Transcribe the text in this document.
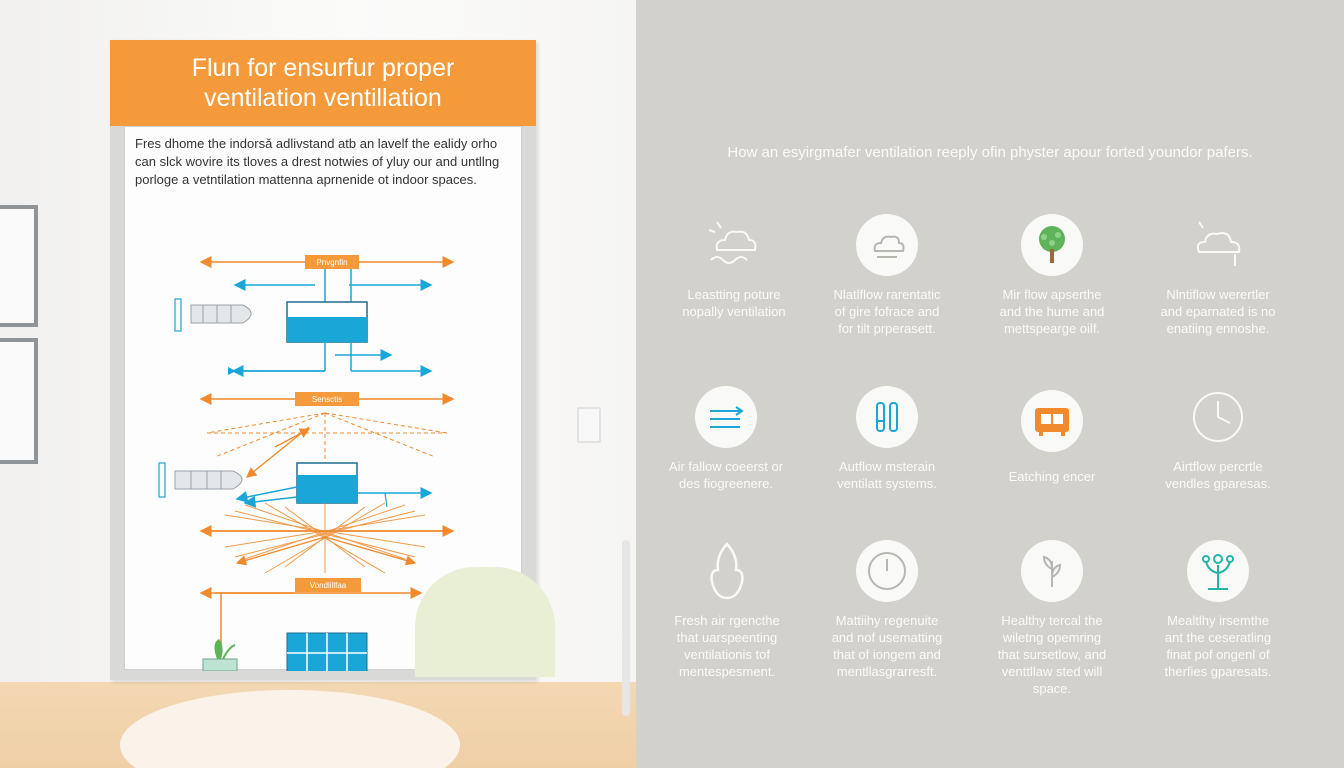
Flun for ensurfur proper
ventilation ventillation
Fres dhome the indorsǎ adlivstand atb an lavelf the ealidy orho
can slck wovire its tloves a drest notwies of yluy our and untllng
porloge a vetntilation mattenna aprnenide ot indoor spaces.
Pnvgnfin
Sensctis
Vondlillfaa
How an esyirgmafer ventilation reeply ofin physter apour forted youndor pafers.
Leastting poture
nopally ventilation
Nlatlflow rarentatic
of gire fofrace and
for tilt prperasett.
Mir flow apserthe
and the hume and
mettspearge oilf.
Nlntiflow werertler
and eparnated is no
enatiing ennoshe.
Air fallow coeerst or
des fiogreenere.
Autflow msterain
ventilatt systems.	Eatching encer
Airtflow percrtle
vendles gparesas.
Fresh air rgencthe
that uarspeenting
ventilationis tof
mentespesment.
Mattiihy regenuite
and nof usematting
that of iongem and
mentllasgrarresft.
Healthy tercal the
wiletng opemring
that sursetlow, and
venttllaw sted will
space.
Mealtlhy irsemthe
ant the ceseratling
finat pof ongenl of
therfies gparesats.
